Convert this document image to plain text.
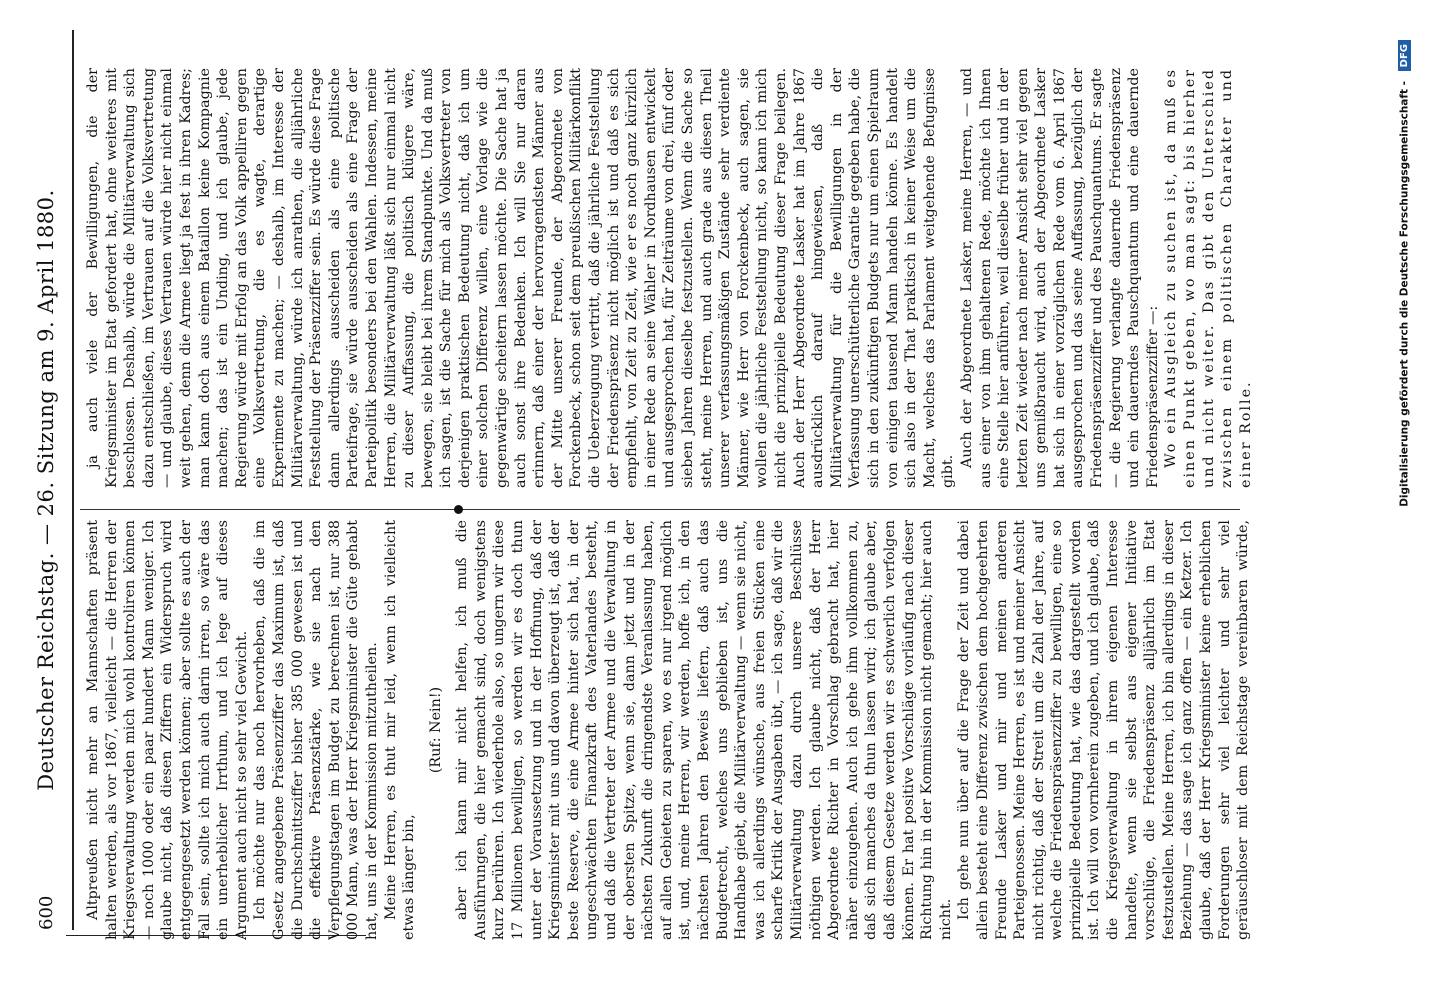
600
Deutscher Reichstag. — 26. Sitzung am 9. April 1880. Altpreußen nicht mehr an Mannschaften präsent halten werden, als vor 1867, vielleicht — die Herren der Kriegsverwaltung werden mich wohl kontroliren können — noch 1000 oder ein paar hundert Mann weniger. Ich glaube nicht, daß diesen Ziffern ein Widerspruch wird entgegengesetzt werden können; aber sollte es auch der Fall sein, sollte ich mich auch darin irren, so wäre das ein unerheblicher Irrthum, und ich lege auf dieses Argument auch nicht so sehr viel Gewicht. Ich möchte nur das noch hervorheben, daß die im Gesetz angegebene Präsenzziffer das Maximum ist, daß die Durchschnittsziffer bisher 385 000 gewesen ist und die effektive Präsenzstärke, wie sie nach den Verpflegungstagen im Budget zu berechnen ist, nur 388 000 Mann, was der Herr Kriegsminister die Güte gehabt hat, uns in der Kommission mitzutheilen. Meine Herren, es thut mir leid, wenn ich vielleicht etwas länger bin,

(Ruf: Nein!) aber ich kann mir nicht helfen, ich muß die Ausführungen, die hier gemacht sind, doch wenigstens kurz berühren. Ich wiederhole also, so ungern wir diese 17 Millionen bewilligen, so werden wir es doch thun unter der Voraussetzung und in der Hoffnung, daß der Kriegsminister mit uns und davon überzeugt ist, daß der beste Reserve, die eine Armee hinter sich hat, in der ungeschwächten Finanzkraft des Vaterlandes besteht, und daß die Vertreter der Armee und die Verwaltung in der obersten Spitze, wenn sie, dann jetzt und in der nächsten Zukunft die dringendste Veranlassung haben, auf allen Gebieten zu sparen, wo es nur irgend möglich ist, und, meine Herren, wir werden, hoffe ich, in den nächsten Jahren den Beweis liefern, daß auch das Budgetrecht, welches uns geblieben ist, uns die Handhabe giebt, die Militärverwaltung — wenn sie nicht, was ich allerdings wünsche, aus freien Stücken eine scharfe Kritik der Ausgaben übt, — ich sage, daß wir die Militärverwaltung dazu durch unsere Beschlüsse nöthigen werden. Ich glaube nicht, daß der Herr Abgeordnete Richter in Vorschlag gebracht hat, hier näher einzugehen. Auch ich gehe ihm vollkommen zu, daß sich manches da thun lassen wird; ich glaube aber, daß diesem Gesetze werden wir es schwerlich verfolgen können. Er hat positive Vorschläge vorläufig nach dieser Richtung hin in der Kommission nicht gemacht; hier auch nicht. Ich gehe nun über auf die Frage der Zeit und dabei allein besteht eine Differenz zwischen dem hochgeehrten Freunde Lasker und mir und meinen anderen Parteigenossen. Meine Herren, es ist und meiner Ansicht nicht richtig, daß der Streit um die Zahl der Jahre, auf welche die Friedenspräsenzziffer zu bewilligen, eine so prinzipielle Bedeutung hat, wie das dargestellt worden ist. Ich will von vornherein zugeben, und ich glaube, daß die Kriegsverwaltung in ihrem eigenen Interesse handelte, wenn sie selbst aus eigener Initiative vorschlüge, die Friedenspräsenz alljährlich im Etat festzustellen. Meine Herren, ich bin allerdings in dieser Beziehung — das sage ich ganz offen — ein Ketzer. Ich glaube, daß der Herr Kriegsminister keine erheblichen Forderungen sehr viel leichter und sehr viel geräuschloser mit dem Reichstage vereinbaren würde,

ja auch viele der Bewilligungen, die der Kriegsminister im Etat gefordert hat, ohne weiteres mit beschlossen. Deshalb, würde die Militärverwaltung sich dazu entschließen, im Vertrauen auf die Volksvertretung — und glaube, dieses Vertrauen würde hier nicht einmal weit gehen, denn die Armee liegt ja fest in ihren Kadres; man kann doch aus einem Bataillon keine Kompagnie machen; das ist ein Unding, und ich glaube, jede Regierung würde mit Erfolg an das Volk appelliren gegen eine Volksvertretung, die es wagte, derartige Experimente zu machen; — deshalb, im Interesse der Militärverwaltung, würde ich anrathen, die alljährliche Feststellung der Präsenzziffer sein. Es würde diese Frage dann allerdings ausscheiden als eine politische Parteifrage, sie würde ausscheiden als eine Frage der Parteipolitik besonders bei den Wahlen. Indessen, meine Herren, die Militärverwaltung läßt sich nur einmal nicht zu dieser Auffassung, die politisch klügere wäre, bewegen, sie bleibt bei ihrem Standpunkte. Und da muß ich sagen, ist die Sache für mich als Volksvertreter von derjenigen praktischen Bedeutung nicht, daß ich um einer solchen Differenz willen, eine Vorlage wie die gegenwärtige scheitern lassen möchte. Die Sache hat ja auch sonst ihre Bedenken. Ich will Sie nur daran erinnern, daß einer der hervorragendsten Männer aus der Mitte unserer Freunde, der Abgeordnete von Forckenbeck, schon seit dem preußischen Militärkonflikt die Ueberzeugung vertritt, daß die jährliche Feststellung der Friedenspräsenz nicht möglich ist und daß es sich empfiehlt, von Zeit zu Zeit, wie er es noch ganz kürzlich in einer Rede an seine Wähler in Nordhausen entwickelt und ausgesprochen hat, für Zeiträume von drei, fünf oder sieben Jahren dieselbe festzustellen. Wenn die Sache so steht, meine Herren, und auch grade aus diesen Theil unserer verfassungsmäßigen Zustände sehr verdiente Männer, wie Herr von Forckenbeck, auch sagen, sie wollen die jährliche Feststellung nicht, so kann ich mich nicht die prinzipielle Bedeutung dieser Frage beilegen. Auch der Herr Abgeordnete Lasker hat im Jahre 1867 ausdrücklich darauf hingewiesen, daß die Militärverwaltung für die Bewilligungen in der Verfassung unerschütterliche Garantie gegeben habe, die sich in den zukünftigen Budgets nur um einen Spielraum von einigen tausend Mann handeln könne. Es handelt sich also in der That praktisch in keiner Weise um die Macht, welches das Parlament weitgehende Befugnisse gibt.

Auch der Abgeordnete Lasker, meine Herren, — und aus einer von ihm gehaltenen Rede, möchte ich Ihnen eine Stelle hier anführen, weil dieselbe früher und in der letzten Zeit wieder nach meiner Ansicht sehr viel gegen uns gemißbraucht wird, auch der Abgeordnete Lasker hat sich in einer vorzüglichen Rede vom 6. April 1867 ausgesprochen und das seine Auffassung, bezüglich der Friedenspräsenzziffer und des Pauschquantums. Er sagte — die Regierung verlangte dauernde Friedenspräsenz und ein dauerndes Pauschquantum und eine dauernde Friedenspräsenzziffer —: Wo ein Ausgleich zu suchen ist, da muß es einen Punkt geben, wo man sagt: bis hierher und nicht weiter. Das gibt den Unterschied zwischen einem politischen Charakter und einer Rolle.	Digitalisierung gefördert durch die Deutsche Forschungsgemeinschaft - DFG
